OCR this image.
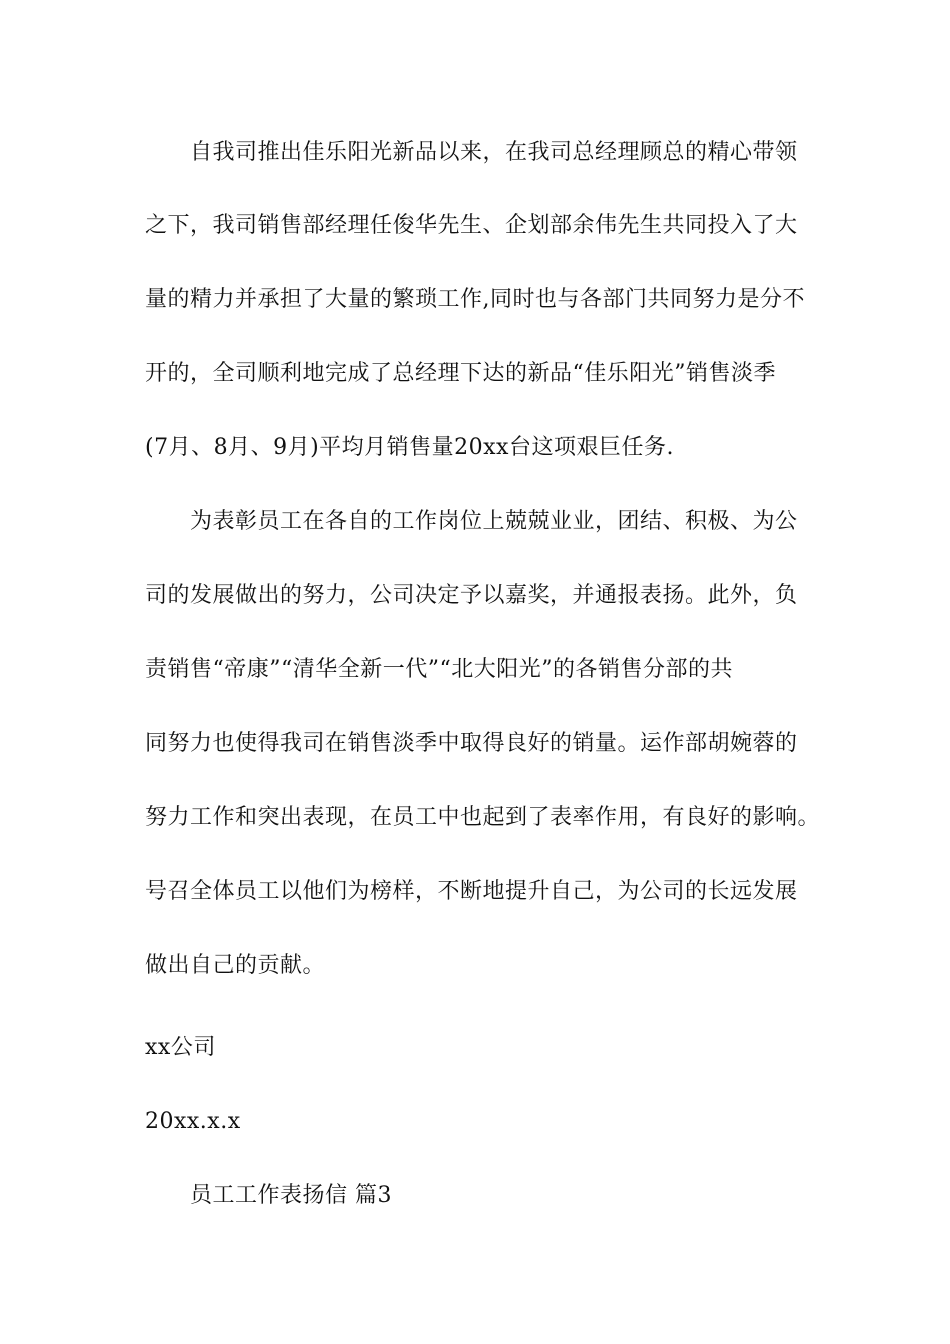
自我司推出佳乐阳光新品以来，在我司总经理顾总的精心带领
之下，我司销售部经理任俊华先生、企划部余伟先生共同投入了大
量的精力并承担了大量的繁琐工作,同时也与各部门共同努力是分不
开的，全司顺利地完成了总经理下达的新品“佳乐阳光”销售淡季
(7月、8月、9月)平均月销售量20xx台这项艰巨任务.
为表彰员工在各自的工作岗位上兢兢业业，团结、积极、为公
司的发展做出的努力，公司决定予以嘉奖，并通报表扬。此外，负
责销售“帝康”“清华全新一代”“北大阳光”的各销售分部的共
同努力也使得我司在销售淡季中取得良好的销量。运作部胡婉蓉的
努力工作和突出表现，在员工中也起到了表率作用，有良好的影响。
号召全体员工以他们为榜样，不断地提升自己，为公司的长远发展
做出自己的贡献。
xx公司
20xx.x.x
员工工作表扬信 篇3
